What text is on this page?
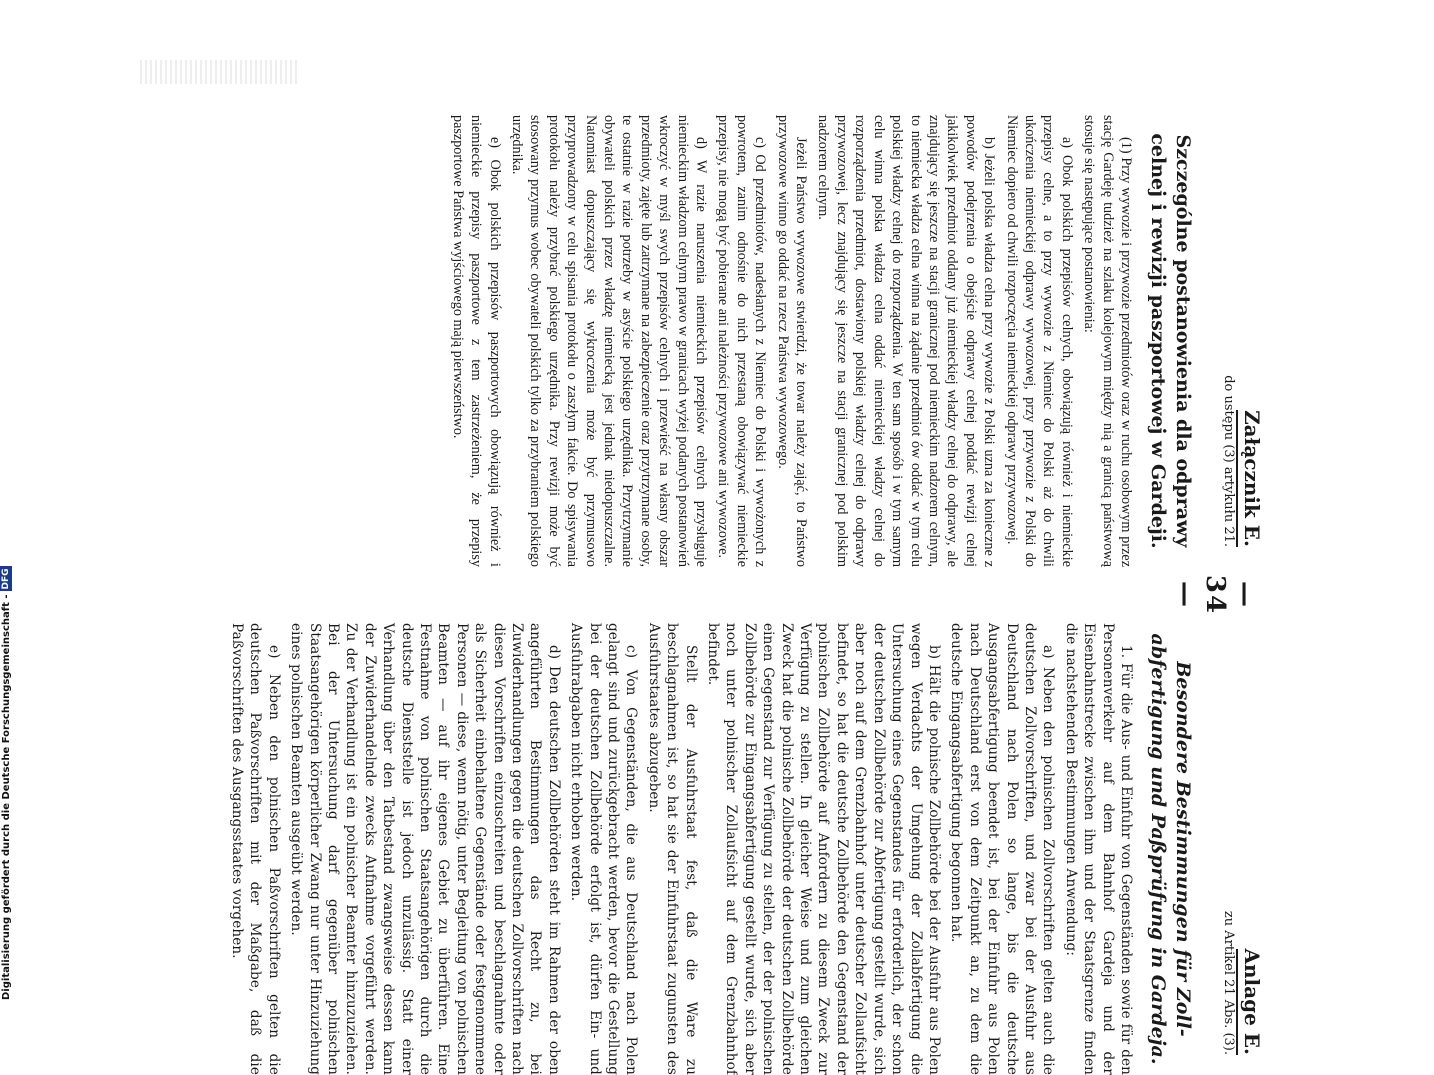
Załącznik E.
do ustępu (3) artykułu 21.
Szczególne postanowienia dla odprawy celnej i rewizji paszportowej w Gardeji.

(1) Przy wywozie i przywozie przedmiotów oraz w ruchu osobowym przez stację Gardeję tudzież na szlaku kolejowym między nią a granicą państwową stosuje się następujące postanowienia:

a) Obok polskich przepisów celnych, obowiązują również i niemieckie przepisy celne, a to przy wywozie z Niemiec do Polski aż do chwili ukończenia niemieckiej odprawy wywozowej, przy przywozie z Polski do Niemiec dopiero od chwili rozpoczęcia niemieckiej odprawy przywozowej.

b) Jeżeli polska władza celna przy wywozie z Polski uzna za konieczne z powodów podejrzenia o obejście odprawy celnej poddać rewizji celnej jakikolwiek przedmiot oddany już niemieckiej władzy celnej do odprawy, ale znajdujący się jeszcze na stacji granicznej pod niemieckim nadzorem celnym, to niemiecka władza celna winna na żądanie przedmiot ów oddać w tym celu polskiej władzy celnej do rozporządzenia. W ten sam sposób i w tym samym celu winna polska władza celna oddać niemieckiej władzy celnej do rozporządzenia przedmiot, dostawiony polskiej władzy celnej do odprawy przywozowej, lecz znajdujący się jeszcze na stacji granicznej pod polskim nadzorem celnym.

Jeżeli Państwo wywozowe stwierdzi, że towar należy zająć, to Państwo przywozowe winno go oddać na rzecz Państwa wywozowego.

c) Od przedmiotów, nadesłanych z Niemiec do Polski i wywożonych z powrotem, zanim odnośnie do nich przestaną obowiązywać niemieckie przepisy, nie mogą być pobierane ani należności przywozowe ani wywozowe.

d) W razie naruszenia niemieckich przepisów celnych przysługuje niemieckim władzom celnym prawo w granicach wyżej podanych postanowień wkroczyć w myśl swych przepisów celnych i przewieść na własny obszar przedmioty, zajęte lub zatrzymane na zabezpieczenie oraz przytrzymane osoby, te ostatnie w razie potrzeby w asyście polskiego urzędnika. Przytrzymanie obywateli polskich przez władzę niemiecką jest jednak niedopuszczalne. Natomiast dopuszczający się wykroczenia może być przymusowo przyprowadzony w celu spisania protokołu o zaszłym fakcie. Do spisywania protokołu należy przybrać polskiego urzędnika. Przy rewizji może być stosowany przymus wobec obywateli polskich tylko za przybraniem polskiego urzędnika.

e) Obok polskich przepisów paszportowych obowiązują również i niemieckie przepisy paszportowe z tem zastrzeżeniem, że przepisy paszportowe Państwa wyjściowego mają pierwszeństwo.

— 34 —
Anlage E.
zu Artikel 21 Abs. (3).
Besondere Bestimmungen für Zoll-abfertigung und Paßprüfung in Gardeja.

1. Für die Aus- und Einfuhr von Gegenständen sowie für den Personenverkehr auf dem Bahnhof Gardeja und der Eisenbahnstrecke zwischen ihm und der Staatsgrenze finden die nachstehenden Bestimmungen Anwendung:

a) Neben den polnischen Zollvorschriften gelten auch die deutschen Zollvorschriften, und zwar bei der Ausfuhr aus Deutschland nach Polen so lange, bis die deutsche Ausgangsabfertigung beendet ist, bei der Einfuhr aus Polen nach Deutschland erst von dem Zeitpunkt an, zu dem die deutsche Eingangsabfertigung begonnen hat.

b) Hält die polnische Zollbehörde bei der Ausfuhr aus Polen wegen Verdachts der Umgehung der Zollabfertigung die Untersuchung eines Gegenstandes für erforderlich, der schon der deutschen Zollbehörde zur Abfertigung gestellt wurde, sich aber noch auf dem Grenzbahnhof unter deutscher Zollaufsicht befindet, so hat die deutsche Zollbehörde den Gegenstand der polnischen Zollbehörde auf Anfordern zu diesem Zweck zur Verfügung zu stellen. In gleicher Weise und zum gleichen Zweck hat die polnische Zollbehörde der deutschen Zollbehörde einen Gegenstand zur Verfügung zu stellen, der der polnischen Zollbehörde zur Eingangsabfertigung gestellt wurde, sich aber noch unter polnischer Zollaufsicht auf dem Grenzbahnhof befindet.

Stellt der Ausfuhrstaat fest, daß die Ware zu beschlagnahmen ist, so hat sie der Einfuhrstaat zugunsten des Ausfuhrstaates abzugeben.

c) Von Gegenständen, die aus Deutschland nach Polen gelangt sind und zurückgebracht werden, bevor die Gestellung bei der deutschen Zollbehörde erfolgt ist, dürfen Ein- und Ausfuhrabgaben nicht erhoben werden.

d) Den deutschen Zollbehörden steht im Rahmen der oben angeführten Bestimmungen das Recht zu, bei Zuwiderhandlungen gegen die deutschen Zollvorschriften nach diesen Vorschriften einzuschreiten und beschlagnahmte oder als Sicherheit einbehaltene Gegenstände oder festgenommene Personen — diese, wenn nötig, unter Begleitung von polnischen Beamten — auf ihr eigenes Gebiet zu überführen. Eine Festnahme von polnischen Staatsangehörigen durch die deutsche Dienststelle ist jedoch unzulässig. Statt einer Verhandlung über den Tatbestand zwangsweise dessen kann der Zuwiderhandelnde zwecks Aufnahme vorgeführt werden. Zu der Verhandlung ist ein polnischer Beamter hinzuzuziehen. Bei der Untersuchung darf gegenüber polnischen Staatsangehörigen körperlicher Zwang nur unter Hinzuziehung eines polnischen Beamten ausgeübt werden.

e) Neben den polnischen Paßvorschriften gelten die deutschen Paßvorschriften mit der Maßgabe, daß die Paßvorschriften des Ausgangsstaates vorgehen.

Digitalisierung gefördert durch die Deutsche Forschungsgemeinschaft -DFG
